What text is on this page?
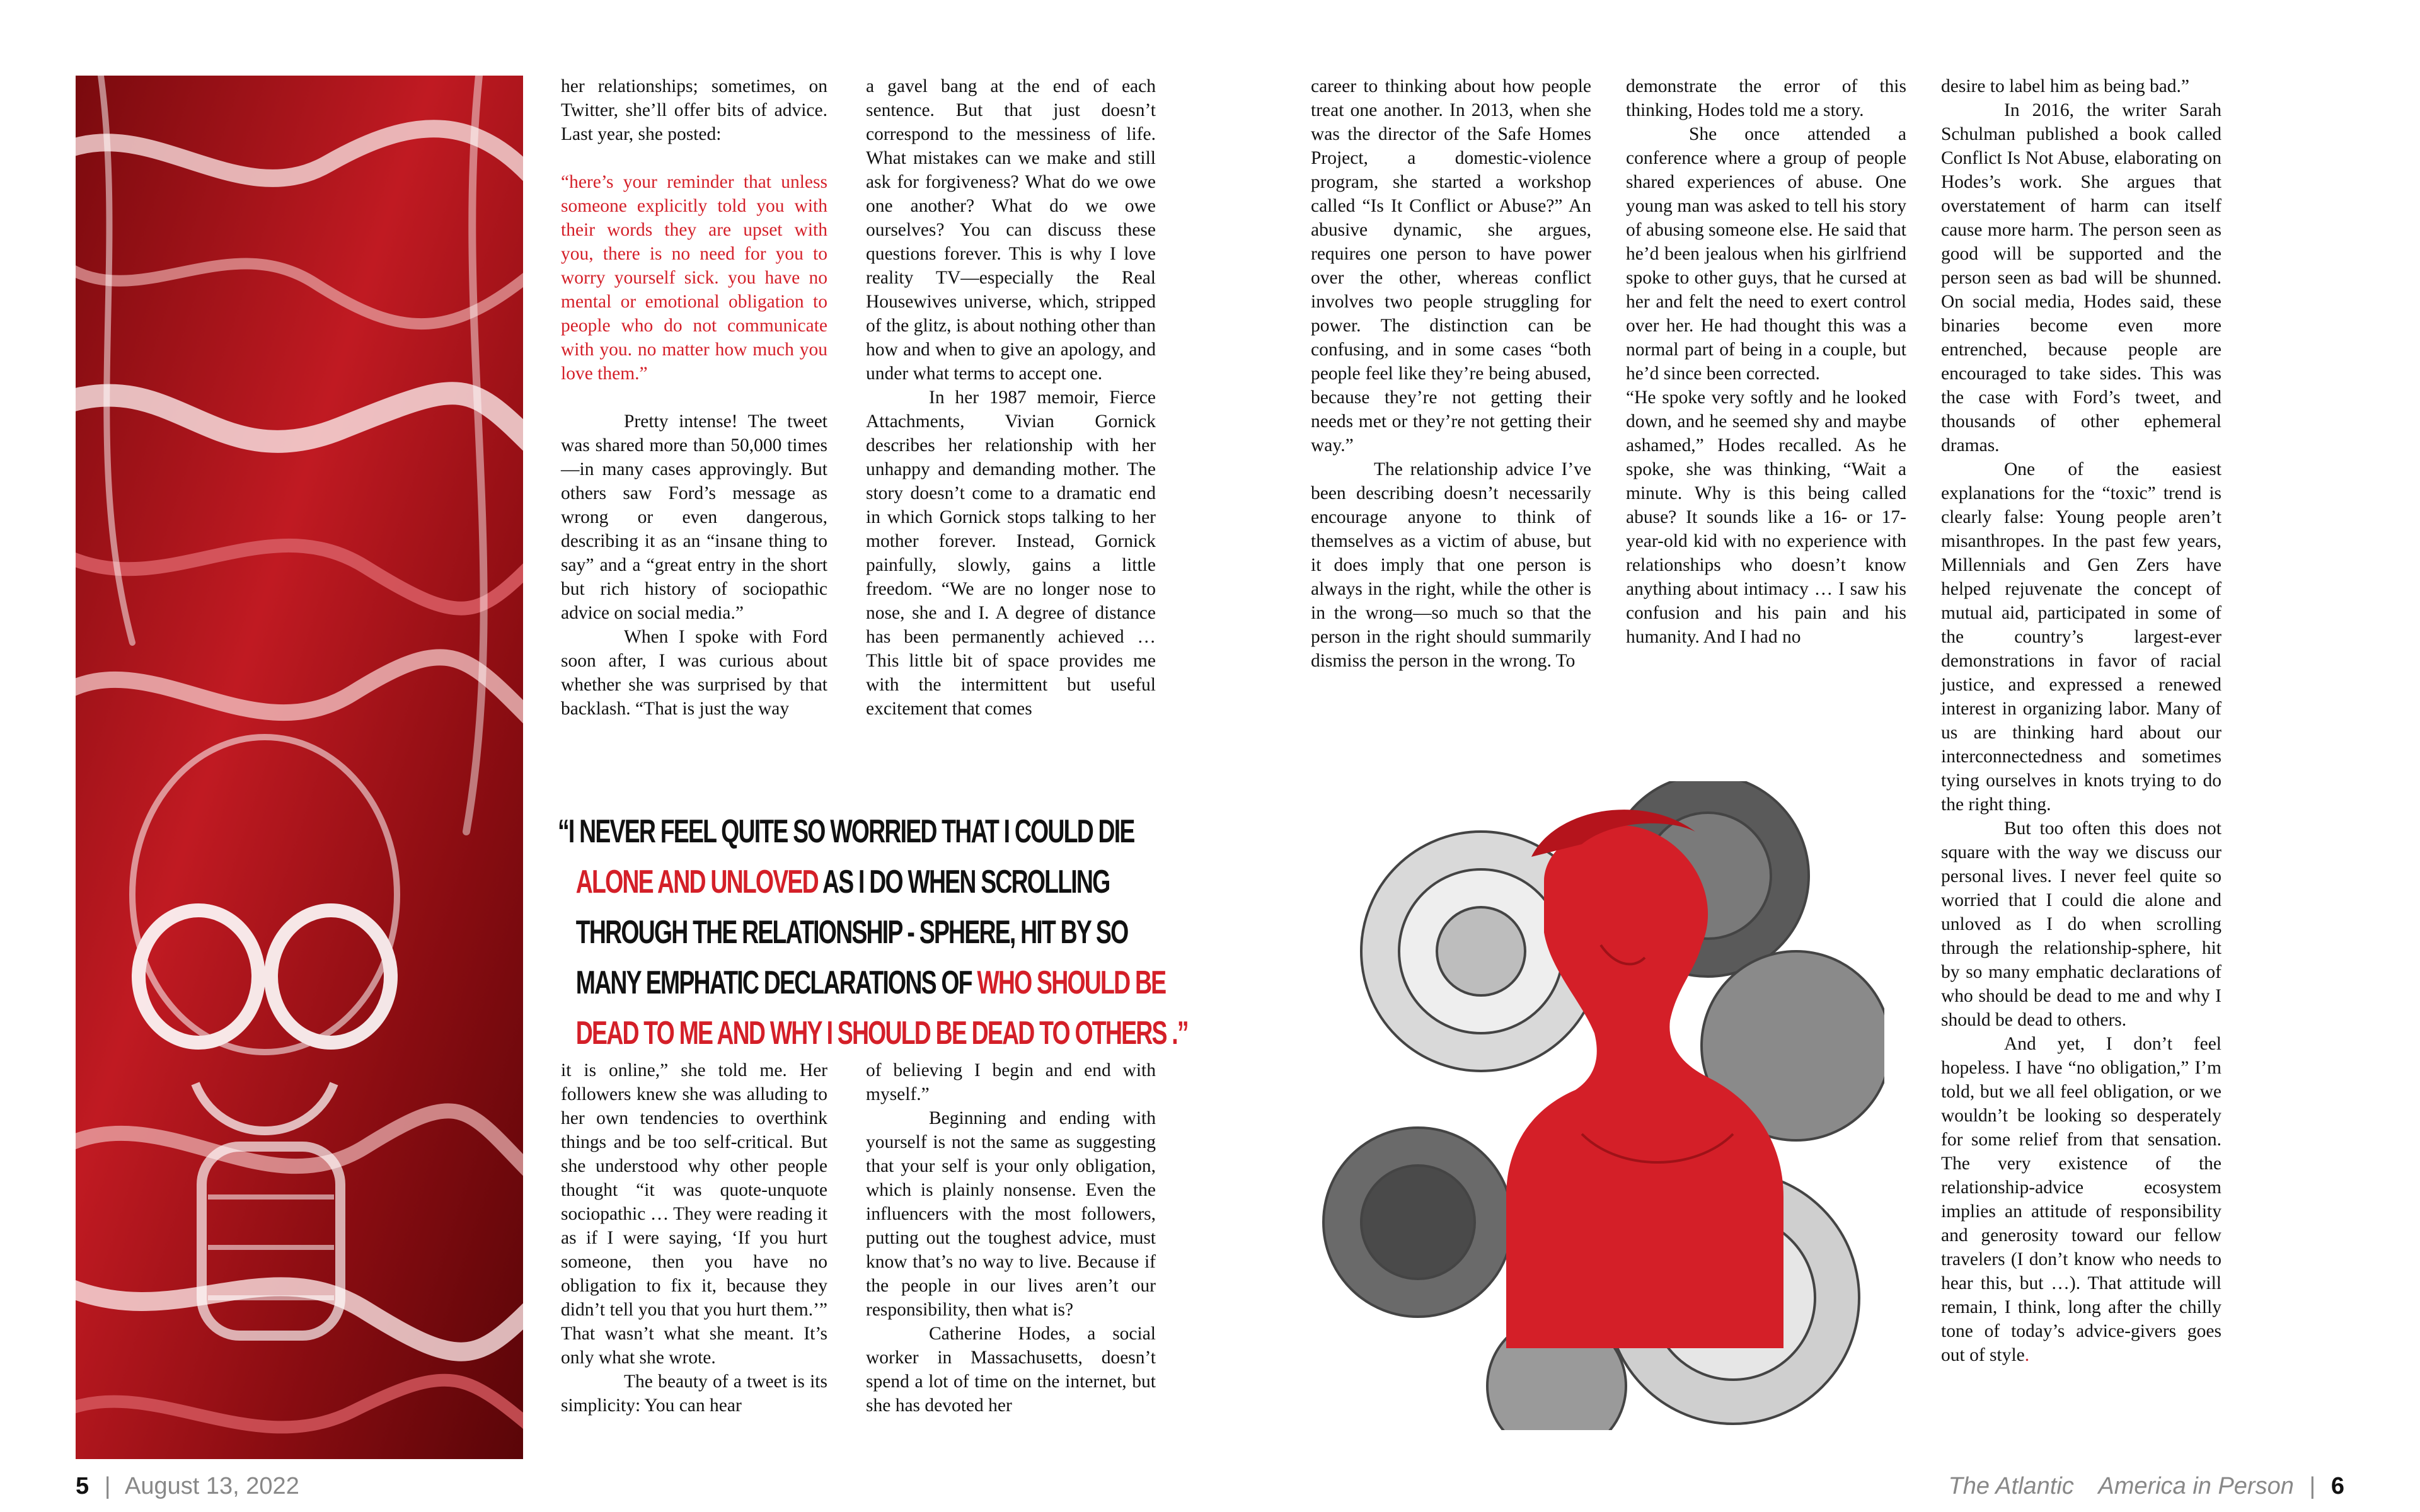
her relationships; sometimes, on Twitter, she’ll offer bits of advice. Last year, she posted:

“here’s your reminder that unless someone explicitly told you with their words they are upset with you, there is no need for you to worry yourself sick. you have no mental or emotional obligation to people who do not communicate with you. no matter how much you love them.”

Pretty intense! The tweet was shared more than 50,000 times—in many cases approvingly. But others saw Ford’s message as wrong or even dangerous, describing it as an “insane thing to say” and a “great entry in the short but rich history of sociopathic advice on social media.”

When I spoke with Ford soon after, I was curious about whether she was surprised by that backlash. “That is just the way

a gavel bang at the end of each sentence. But that just doesn’t correspond to the messiness of life. What mistakes can we make and still ask for forgiveness? What do we owe one another? What do we owe ourselves? You can discuss these questions forever. This is why I love reality TV—especially the Real Housewives universe, which, stripped of the glitz, is about nothing other than how and when to give an apology, and under what terms to accept one.

In her 1987 memoir, Fierce Attachments, Vivian Gornick describes her relationship with her unhappy and demanding mother. The story doesn’t come to a dramatic end in which Gornick stops talking to her mother forever. Instead, Gornick painfully, slowly, gains a little freedom. “We are no longer nose to nose, she and I. A degree of distance has been permanently achieved … This little bit of space provides me with the intermittent but useful excitement that comes

“I NEVER FEEL QUITE SO WORRIED THAT I COULD DIE
ALONE AND UNLOVED AS I DO WHEN SCROLLING
THROUGH THE RELATIONSHIP - SPHERE, HIT BY SO
MANY EMPHATIC DECLARATIONS OF WHO SHOULD BE
DEAD TO ME AND WHY I SHOULD BE DEAD TO OTHERS .”

it is online,” she told me. Her followers knew she was alluding to her own tendencies to overthink things and be too self-critical. But she understood why other people thought “it was quote-unquote sociopathic … They were reading it as if I were saying, ‘If you hurt someone, then you have no obligation to fix it, because they didn’t tell you that you hurt them.’” That wasn’t what she meant. It’s only what she wrote.

The beauty of a tweet is its simplicity: You can hear

of believing I begin and end with myself.”

Beginning and ending with yourself is not the same as suggesting that your self is your only obligation, which is plainly nonsense. Even the influencers with the most followers, putting out the toughest advice, must know that’s no way to live. Because if the people in our lives aren’t our responsibility, then what is?

Catherine Hodes, a social worker in Massachusetts, doesn’t spend a lot of time on the internet, but she has devoted her

career to thinking about how people treat one another. In 2013, when she was the director of the Safe Homes Project, a domestic-violence program, she started a workshop called “Is It Conflict or Abuse?” An abusive dynamic, she argues, requires one person to have power over the other, whereas conflict involves two people struggling for power. The distinction can be confusing, and in some cases “both people feel like they’re being abused, because they’re not getting their needs met or they’re not getting their way.”

The relationship advice I’ve been describing doesn’t necessarily encourage anyone to think of themselves as a victim of abuse, but it does imply that one person is always in the right, while the other is in the wrong—so much so that the person in the right should summarily dismiss the person in the wrong. To

demonstrate the error of this thinking, Hodes told me a story.

She once attended a conference where a group of people shared experiences of abuse. One young man was asked to tell his story of abusing someone else. He said that he’d been jealous when his girlfriend spoke to other guys, that he cursed at her and felt the need to exert control over her. He had thought this was a normal part of being in a couple, but he’d since been corrected.

“He spoke very softly and he looked down, and he seemed shy and maybe ashamed,” Hodes recalled. As he spoke, she was thinking, “Wait a minute. Why is this being called abuse? It sounds like a 16- or 17-year-old kid with no experience with relationships who doesn’t know anything about intimacy … I saw his confusion and his pain and his humanity. And I had no

desire to label him as being bad.”

In 2016, the writer Sarah Schulman published a book called Conflict Is Not Abuse, elaborating on Hodes’s work. She argues that overstatement of harm can itself cause more harm. The person seen as good will be supported and the person seen as bad will be shunned. On social media, Hodes said, these binaries become even more entrenched, because people are encouraged to take sides. This was the case with Ford’s tweet, and thousands of other ephemeral dramas.

One of the easiest explanations for the “toxic” trend is clearly false: Young people aren’t misanthropes. In the past few years, Millennials and Gen Zers have helped rejuvenate the concept of mutual aid, participated in some of the country’s largest-ever demonstrations in favor of racial justice, and expressed a renewed interest in organizing labor. Many of us are thinking hard about our interconnectedness and sometimes tying ourselves in knots trying to do the right thing.

But too often this does not square with the way we discuss our personal lives. I never feel quite so worried that I could die alone and unloved as I do when scrolling through the relationship-sphere, hit by so many emphatic declarations of who should be dead to me and why I should be dead to others.

And yet, I don’t feel hopeless. I have “no obligation,” I’m told, but we all feel obligation, or we wouldn’t be looking so desperately for some relief from that sensation. The very existence of the relationship-advice ecosystem implies an attitude of responsibility and generosity toward our fellow travelers (I don’t know who needs to hear this, but …). That attitude will remain, I think, long after the chilly tone of today’s advice-givers goes out of style.

5 | August 13, 2022	The Atlantic America in Person | 6
